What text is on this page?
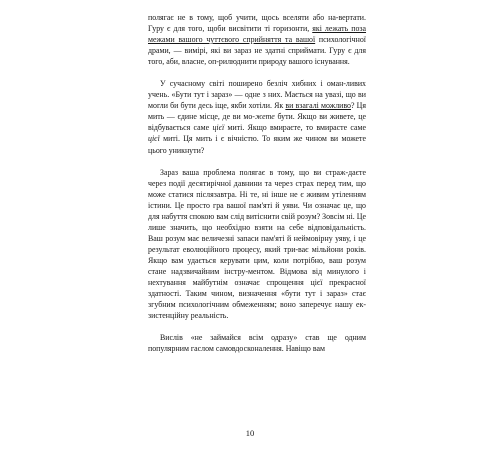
полягає не в тому, щоб учити, щось вселяти або на-вертати. Гуру є для того, щоби висвітити ті горизонти, які лежать поза межами вашого чуттєвого сприйняття та вашої психологічної драми, — вимірі, які ви зараз не здатні сприймати. Гуру є для того, аби, власне, оп-рилюднити природу вашого існування.

У сучасному світі поширено безліч хибних і оман-ливих учень. «Бути тут і зараз» — одне з них. Мається на увазі, що ви могли би бути десь іще, якби хотіли. Як ви взагалі можливо? Ця мить — єдине місце, де ви мо-жете бути. Якщо ви живете, це відбувається саме цієї миті. Якщо вмираєте, то вмирасте саме цієї миті. Ця мить і є вічністю. То яким же чином ви можете цього уникнути?

Зараз ваша проблема полягає в тому, що ви страж-даєте через події десятирічної давнини та через страх перед тим, що може статися післязавтра. Ні те, ні інше не є живим утіленням істини. Це просто гра вашої пам'яті й уяви. Чи означає це, що для набуття спокою вам слід витіснити свій розум? Зовсім ні. Це лише значить, що необхідно взяти на себе відповідальність. Ваш розум має величезні запаси пам'яті й неймовірну уяву, і це результат еволюційного процесу, який три-ває мільйони років. Якщо вам удається керувати цим, коли потрібно, ваш розум стане надзвичайним інстру-ментом. Відмова від минулого і нехтування майбутнім означає спрощення цієї прекрасної здатності. Таким чином, визначення «бути тут і зараз» стає згубним психологічним обмеженням; воно заперечує нашу ек-зистенційну реальність.

Вислів «не займайся всім одразу» став ще одним популярним гаслом самовдосконалення. Навіщо вам

10
